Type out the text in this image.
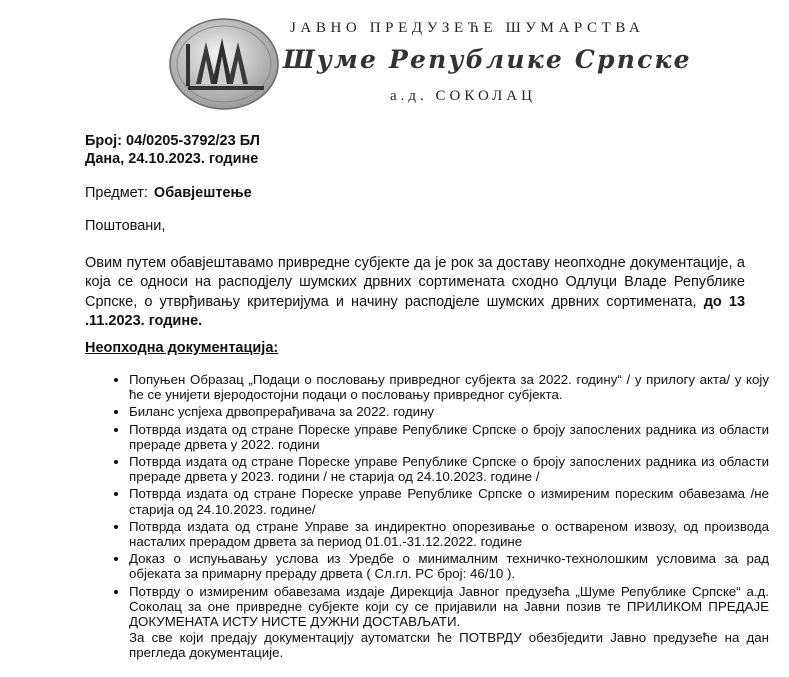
ЈАВНО ПРЕДУЗЕЋЕ ШУМАРСТВА
Шуме Републике Српске
а.д. СОКОЛАЦ
Број: 04/0205-3792/23 БЛ
Дана, 24.10.2023. године
Предмет: Обавјештење
Поштовани,
Овим путем обавјештавамо привредне субјекте да је рок за доставу неопходне документације, а која се односи на расподјелу шумских дрвних сортимената сходно Одлуци Владе Републике Српске, о утврђивању критеријума и начину расподјеле шумских дрвних сортимената, до 13 .11.2023. године.
Неопходна документација:
• Попуњен Образац „Подаци о пословању привредног субјекта за 2022. годину“ / у прилогу акта/ у коју ће се унијети вјеродостојни подаци о пословању привредног субјекта.
• Биланс успјеха дрвопрерађивача за 2022. годину
• Потврда издата од стране Пореске управе Републике Српске о броју запослених радника из области прераде дрвета у 2022. години
• Потврда издата од стране Пореске управе Републике Српске о броју запослених радника из области прераде дрвета у 2023. години / не старија од 24.10.2023. године /
• Потврда издата од стране Пореске управе Републике Српске о измиреним пореским обавезама /не старија од 24.10.2023. године/
• Потврда издата од стране Управе за индиректно опорезивање о оствареном извозу, од производа насталих прерадом дрвета за период 01.01.-31.12.2022. године
• Доказ о испуњавању услова из Уредбе о минималним техничко-технолошким условима за рад објеката за примарну прераду дрвета ( Сл.гл. РС број: 46/10 ).
• Потврду о измиреним обавезама издаје Дирекција Јавног предузећа „Шуме Републике Српске“ а.д. Соколац за оне привредне субјекте који су се пријавили на Јавни позив те ПРИЛИКОМ ПРЕДАЈЕ ДОКУМЕНАТА ИСТУ НИСТЕ ДУЖНИ ДОСТАВЉАТИ.
За све који предају документацију аутоматски ће ПОТВРДУ обезбједити Јавно предузеће на дан прегледа документације.
